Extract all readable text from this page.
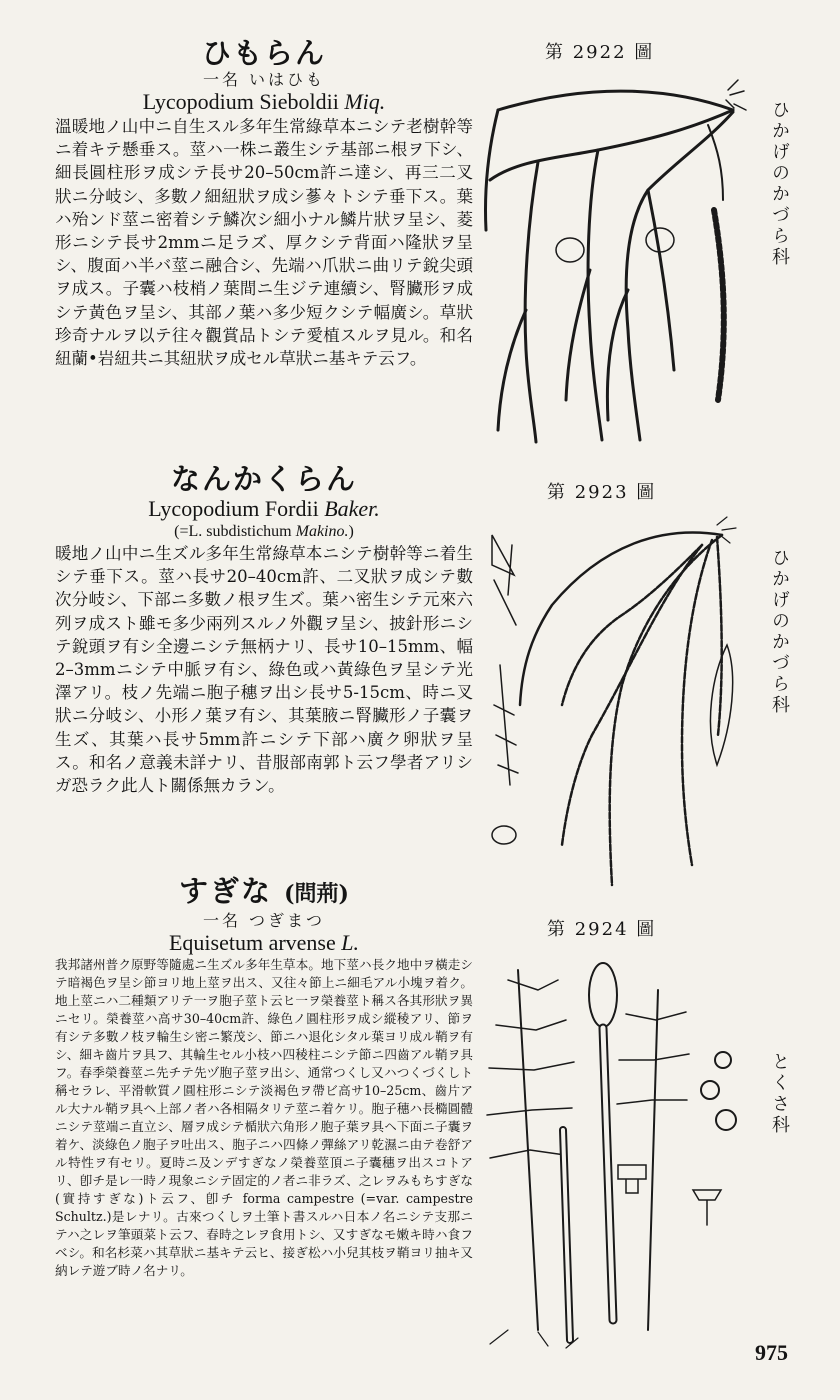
ひもらん
一名 いはひも
Lycopodium Sieboldii Miq.

溫暖地ノ山中ニ自生スル多年生常綠草本ニシテ老樹幹等ニ着キテ懸垂ス。莖ハ一株ニ叢生シテ基部ニ根ヲ下シ、細長圓柱形ヲ成シテ長サ20–50cm許ニ達シ、再三二叉狀ニ分岐シ、多數ノ細紐狀ヲ成シ蔘々トシテ垂下ス。葉ハ殆ンド莖ニ密着シテ鱗次シ細小ナル鱗片狀ヲ呈シ、菱形ニシテ長サ2mmニ足ラズ、厚クシテ背面ハ隆狀ヲ呈シ、腹面ハ半バ莖ニ融合シ、先端ハ爪狀ニ曲リテ銳尖頭ヲ成ス。子囊ハ枝梢ノ葉間ニ生ジテ連續シ、腎臟形ヲ成シテ黃色ヲ呈シ、其部ノ葉ハ多少短クシテ幅廣シ。草狀珍奇ナルヲ以テ往々觀賞品トシテ愛植スルヲ見ル。和名紐蘭•岩紐共ニ其紐狀ヲ成セル草狀ニ基キテ云フ。

なんかくらん
Lycopodium Fordii Baker.
(=L. subdistichum Makino.)

暖地ノ山中ニ生ズル多年生常綠草本ニシテ樹幹等ニ着生シテ垂下ス。莖ハ長サ20–40cm許、二叉狀ヲ成シテ數次分岐シ、下部ニ多數ノ根ヲ生ズ。葉ハ密生シテ元來六列ヲ成スト雖モ多少兩列スルノ外觀ヲ呈シ、披針形ニシテ銳頭ヲ有シ全邊ニシテ無柄ナリ、長サ10–15mm、幅2–3mmニシテ中脈ヲ有シ、綠色或ハ黃綠色ヲ呈シテ光澤アリ。枝ノ先端ニ胞子穗ヲ出シ長サ5-15cm、時ニ叉狀ニ分岐シ、小形ノ葉ヲ有シ、其葉腋ニ腎臟形ノ子囊ヲ生ズ、其葉ハ長サ5mm許ニシテ下部ハ廣ク卵狀ヲ呈ス。和名ノ意義未詳ナリ、昔服部南郭ト云フ學者アリシガ恐ラク此人ト關係無カラン。

すぎな (問荊)
一名 つぎまつ
Equisetum arvense L.

我邦諸州普ク原野等隨處ニ生ズル多年生草本。地下莖ハ長ク地中ヲ橫走シテ暗褐色ヲ呈シ節ヨリ地上莖ヲ出ス、又往々節上ニ細毛アル小塊ヲ着ク。地上莖ニハ二種類アリテ一ヲ胞子莖ト云ヒ一ヲ榮養莖ト稱ス各其形狀ヲ異ニセリ。榮養莖ハ高サ30–40cm許、綠色ノ圓柱形ヲ成シ縱稜アリ、節ヲ有シテ多數ノ枝ヲ輪生シ密ニ繁茂シ、節ニハ退化シタル葉ヨリ成ル鞘ヲ有シ、細キ齒片ヲ具フ、其輪生セル小枝ハ四稜柱ニシテ節ニ四齒アル鞘ヲ具フ。春季榮養莖ニ先チテ先ヅ胞子莖ヲ出シ、通常つくし又ハつくづくしト稱セラレ、平滑軟質ノ圓柱形ニシテ淡褐色ヲ帶ビ高サ10–25cm、齒片アル大ナル鞘ヲ具ヘ上部ノ者ハ各相隔タリテ莖ニ着ケリ。胞子穗ハ長橢圓體ニシテ莖端ニ直立シ、層ヲ成シテ楯狀六角形ノ胞子葉ヲ具ヘ下面ニ子囊ヲ着ケ、淡綠色ノ胞子ヲ吐出ス、胞子ニハ四條ノ彈絲アリ乾濕ニ由テ卷舒アル特性ヲ有セリ。夏時ニ及ンデすぎなノ榮養莖頂ニ子囊穗ヲ出スコトアリ、卽チ是レ一時ノ現象ニシテ固定的ノ者ニ非ラズ、之レヲみもちすぎな(實持すぎな)ト云フ、卽チ forma campestre (=var. campestre Schultz.)是レナリ。古來つくしヲ土筆ト書スルハ日本ノ名ニシテ支那ニテハ之レヲ筆頭菜ト云フ、春時之レヲ食用トシ、又すぎなモ嫩キ時ハ食フベシ。和名杉菜ハ其草狀ニ基キテ云ヒ、接ぎ松ハ小兒其枝ヲ鞘ヨリ抽キ又納レテ遊ブ時ノ名ナリ。

第 2922 圖
第 2923 圖
第 2924 圖
ひかげのかづら科
ひかげのかづら科
とくさ科
975
